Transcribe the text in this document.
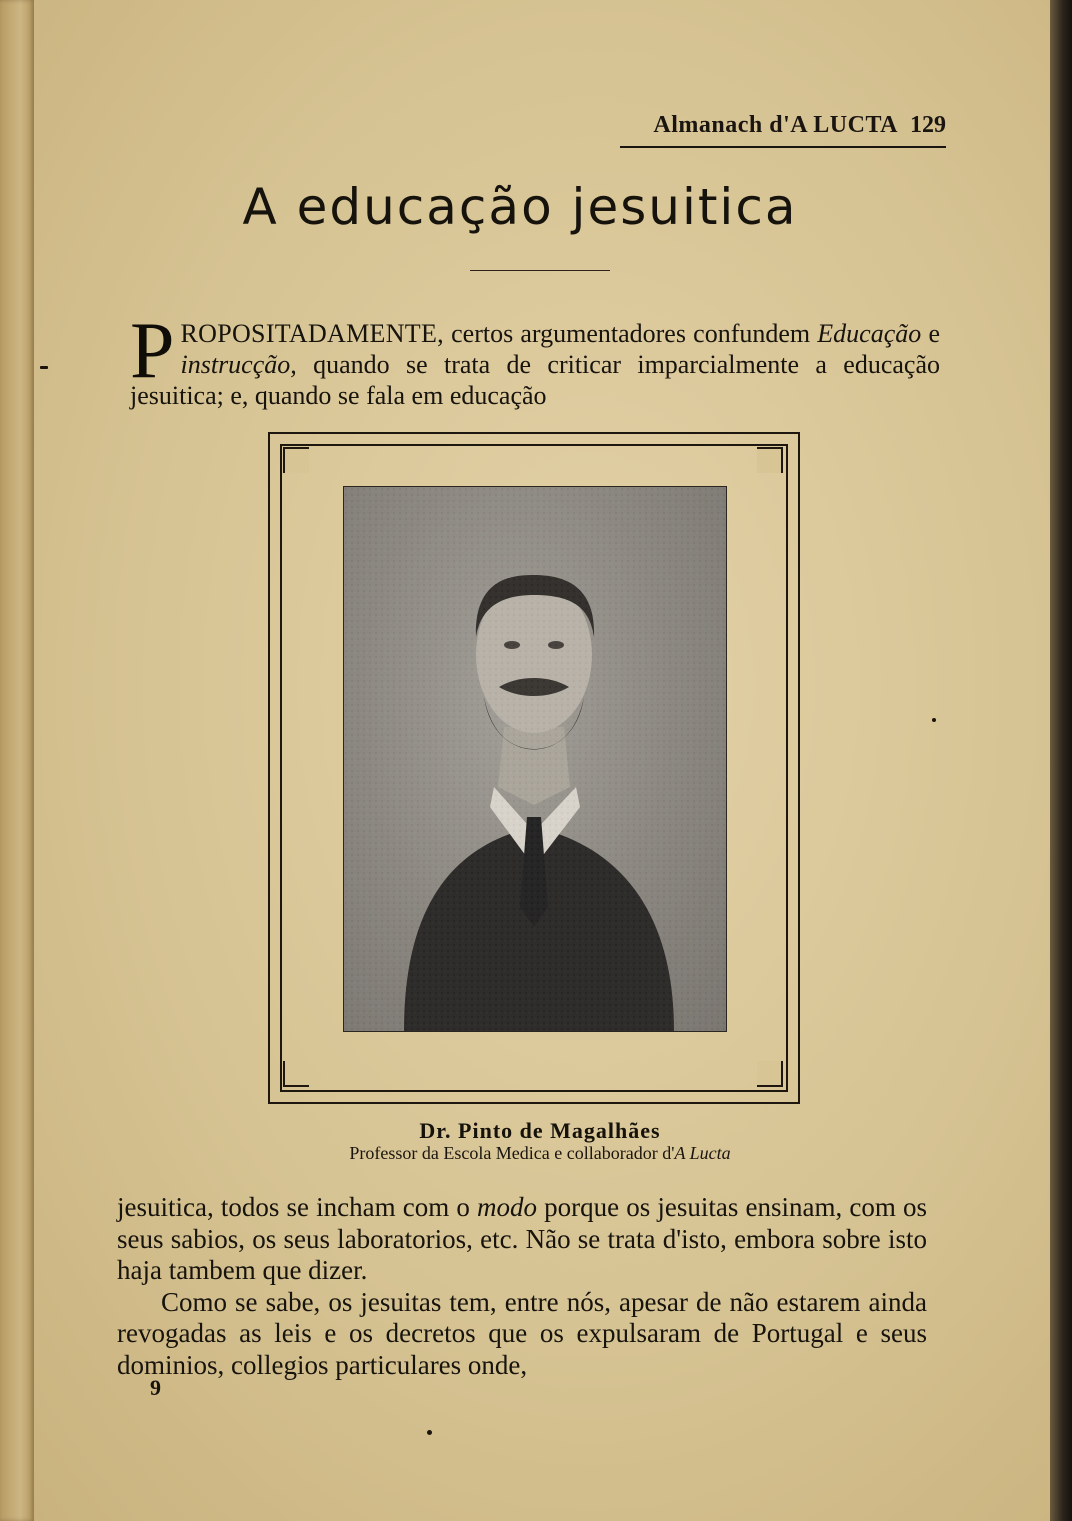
Almanach d'A LUCTA 129
A educação jesuitica
PROPOSITADAMENTE, certos argumentadores confundem Educação e instrucção, quando se trata de criticar imparcialmente a educação jesuitica; e, quando se fala em educação
Dr. Pinto de Magalhães
Professor da Escola Medica e collaborador d'A Lucta
jesuitica, todos se incham com o modo porque os jesuitas ensinam, com os seus sabios, os seus laboratorios, etc. Não se trata d'isto, embora sobre isto haja tambem que dizer.
Como se sabe, os jesuitas tem, entre nós, apesar de não estarem ainda revogadas as leis e os decretos que os expulsaram de Portugal e seus dominios, collegios particulares onde,
9
